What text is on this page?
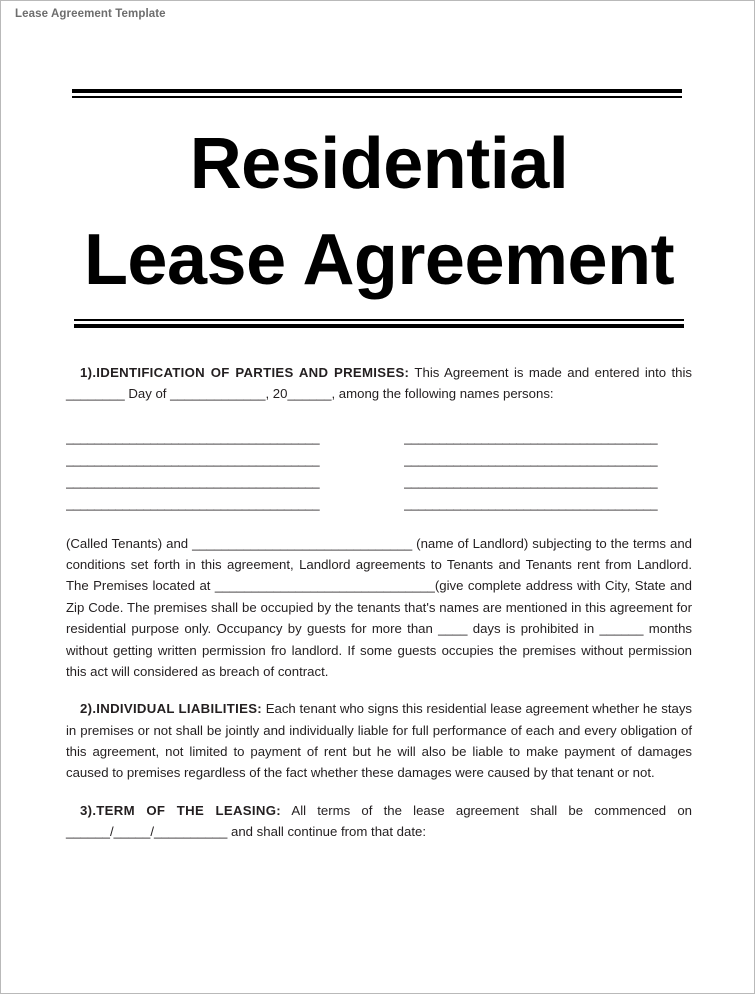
Lease Agreement Template
Residential
Lease Agreement

1).IDENTIFICATION OF PARTIES AND PREMISES: This Agreement is made and entered into this ________ Day of _____________, 20______, among the following names persons:

____________________________________
____________________________________
____________________________________
____________________________________
____________________________________
____________________________________
____________________________________
____________________________________

(Called Tenants) and ______________________________ (name of Landlord) subjecting to the terms and conditions set forth in this agreement, Landlord agreements to Tenants and Tenants rent from Landlord. The Premises located at ______________________________(give complete address with City, State and Zip Code. The premises shall be occupied by the tenants that's names are mentioned in this agreement for residential purpose only. Occupancy by guests for more than ____ days is prohibited in ______ months without getting written permission fro landlord. If some guests occupies the premises without permission this act will considered as breach of contract.

2).INDIVIDUAL LIABILITIES: Each tenant who signs this residential lease agreement whether he stays in premises or not shall be jointly and individually liable for full performance of each and every obligation of this agreement, not limited to payment of rent but he will also be liable to make payment of damages caused to premises regardless of the fact whether these damages were caused by that tenant or not.

3).TERM OF THE LEASING: All terms of the lease agreement shall be commenced on ______/_____/__________ and shall continue from that date:
